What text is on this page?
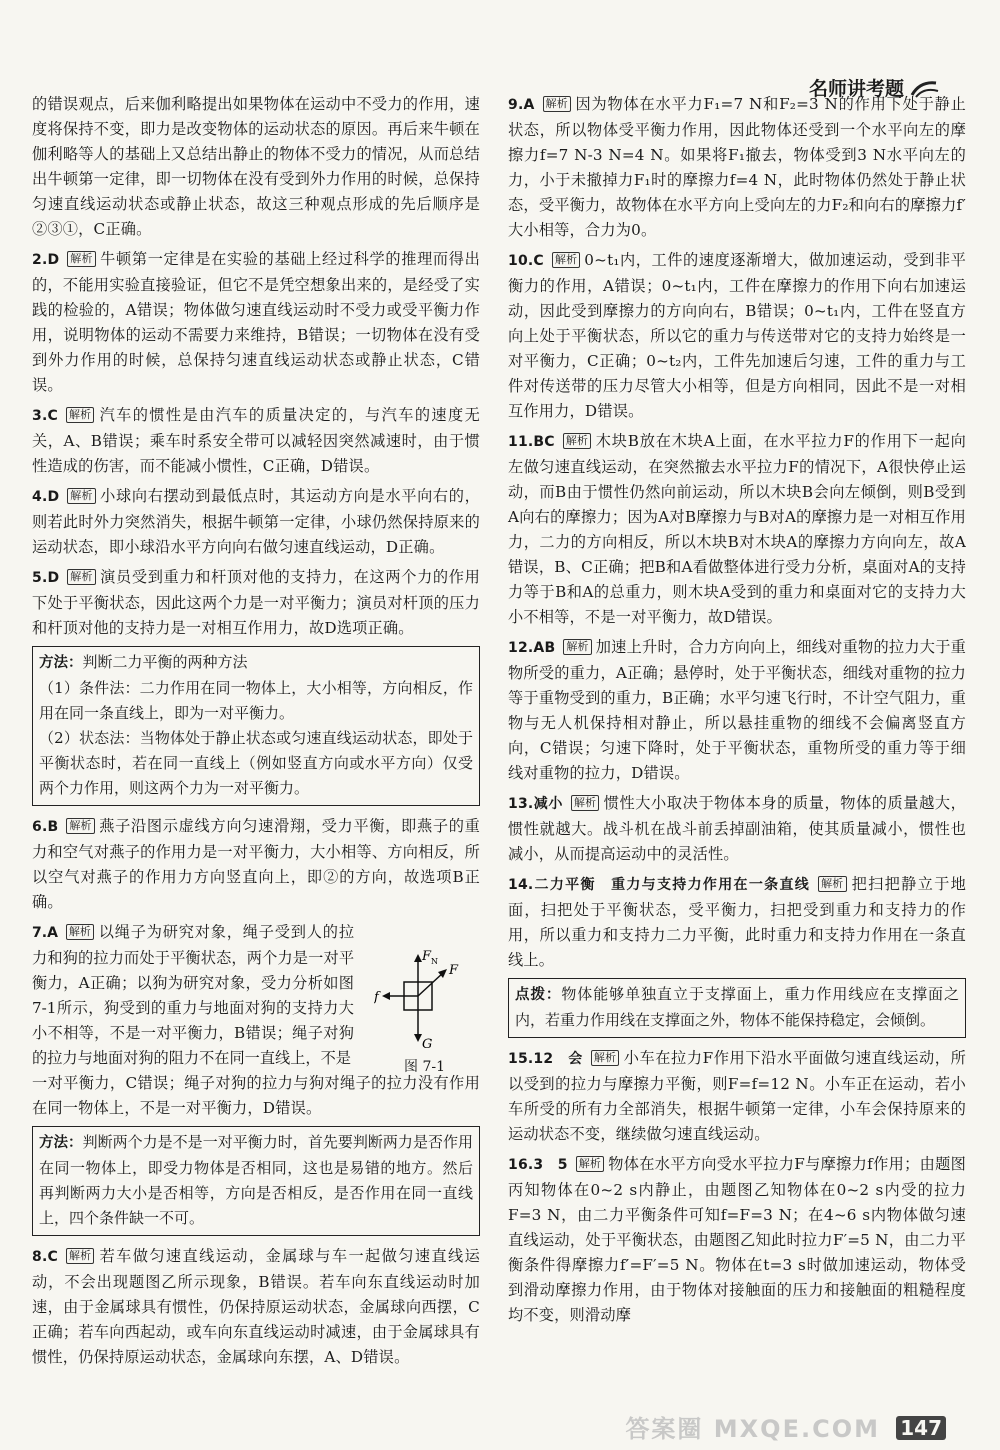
名师讲考题

的错误观点，后来伽利略提出如果物体在运动中不受力的作用，速度将保持不变，即力是改变物体的运动状态的原因。再后来牛顿在伽利略等人的基础上又总结出静止的物体不受力的情况，从而总结出牛顿第一定律，即一切物体在没有受到外力作用的时候，总保持匀速直线运动状态或静止状态，故这三种观点形成的先后顺序是②③①，C正确。

2.D 解析 牛顿第一定律是在实验的基础上经过科学的推理而得出的，不能用实验直接验证，但它不是凭空想象出来的，是经受了实践的检验的，A错误；物体做匀速直线运动时不受力或受平衡力作用，说明物体的运动不需要力来维持，B错误；一切物体在没有受到外力作用的时候，总保持匀速直线运动状态或静止状态，C错误。

3.C 解析 汽车的惯性是由汽车的质量决定的，与汽车的速度无关，A、B错误；乘车时系安全带可以减轻因突然减速时，由于惯性造成的伤害，而不能减小惯性，C正确，D错误。

4.D 解析 小球向右摆动到最低点时，其运动方向是水平向右的，则若此时外力突然消失，根据牛顿第一定律，小球仍然保持原来的运动状态，即小球沿水平方向向右做匀速直线运动，D正确。

5.D 解析 演员受到重力和杆顶对他的支持力，在这两个力的作用下处于平衡状态，因此这两个力是一对平衡力；演员对杆顶的压力和杆顶对他的支持力是一对相互作用力，故D选项正确。

方法：判断二力平衡的两种方法
（1）条件法：二力作用在同一物体上，大小相等，方向相反，作用在同一条直线上，即为一对平衡力。
（2）状态法：当物体处于静止状态或匀速直线运动状态，即处于平衡状态时，若在同一直线上（例如竖直方向或水平方向）仅受两个力作用，则这两个力为一对平衡力。

6.B 解析 燕子沿图示虚线方向匀速滑翔，受力平衡，即燕子的重力和空气对燕子的作用力是一对平衡力，大小相等、方向相反，所以空气对燕子的作用力方向竖直向上，即②的方向，故选项B正确。

7.A 解析 以绳子为研究对象，绳子受到人的拉力和狗的拉力而处于平衡状态，两个力是一对平衡力，A正确；以狗为研究对象，受力分析如图7-1所示，狗受到的重力与地面对狗的支持力大小不相等，不是一对平衡力，B错误；绳子对狗的拉力与地面对狗的阻力不在同一直线上，不是
F N
F
f
G
图 7-1

一对平衡力，C错误；绳子对狗的拉力与狗对绳子的拉力没有作用在同一物体上，不是一对平衡力，D错误。

方法：判断两个力是不是一对平衡力时，首先要判断两力是否作用在同一物体上，即受力物体是否相同，这也是易错的地方。然后再判断两力大小是否相等，方向是否相反，是否作用在同一直线上，四个条件缺一不可。

8.C 解析 若车做匀速直线运动，金属球与车一起做匀速直线运动，不会出现题图乙所示现象，B错误。若车向东直线运动时加速，由于金属球具有惯性，仍保持原运动状态，金属球向西摆，C正确；若车向西起动，或车向东直线运动时减速，由于金属球具有惯性，仍保持原运动状态，金属球向东摆，A、D错误。

9.A 解析 因为物体在水平力F₁=7 N和F₂=3 N的作用下处于静止状态，所以物体受平衡力作用，因此物体还受到一个水平向左的摩擦力f=7 N-3 N=4 N。如果将F₁撤去，物体受到3 N水平向左的力，小于未撤掉力F₁时的摩擦力f=4 N，此时物体仍然处于静止状态，受平衡力，故物体在水平方向上受向左的力F₂和向右的摩擦力f′大小相等，合力为0。

10.C 解析 0~t₁内，工件的速度逐渐增大，做加速运动，受到非平衡力的作用，A错误；0~t₁内，工件在摩擦力的作用下向右加速运动，因此受到摩擦力的方向向右，B错误；0~t₁内，工件在竖直方向上处于平衡状态，所以它的重力与传送带对它的支持力始终是一对平衡力，C正确；0~t₂内，工件先加速后匀速，工件的重力与工件对传送带的压力尽管大小相等，但是方向相同，因此不是一对相互作用力，D错误。

11.BC 解析 木块B放在木块A上面，在水平拉力F的作用下一起向左做匀速直线运动，在突然撤去水平拉力F的情况下，A很快停止运动，而B由于惯性仍然向前运动，所以木块B会向左倾倒，则B受到A向右的摩擦力；因为A对B摩擦力与B对A的摩擦力是一对相互作用力，二力的方向相反，所以木块B对木块A的摩擦力方向向左，故A错误，B、C正确；把B和A看做整体进行受力分析，桌面对A的支持力等于B和A的总重力，则木块A受到的重力和桌面对它的支持力大小不相等，不是一对平衡力，故D错误。

12.AB 解析 加速上升时，合力方向向上，细线对重物的拉力大于重物所受的重力，A正确；悬停时，处于平衡状态，细线对重物的拉力等于重物受到的重力，B正确；水平匀速飞行时，不计空气阻力，重物与无人机保持相对静止，所以悬挂重物的细线不会偏离竖直方向，C错误；匀速下降时，处于平衡状态，重物所受的重力等于细线对重物的拉力，D错误。

13.减小 解析 惯性大小取决于物体本身的质量，物体的质量越大，惯性就越大。战斗机在战斗前丢掉副油箱，使其质量减小，惯性也减小，从而提高运动中的灵活性。

14.二力平衡　重力与支持力作用在一条直线 解析 把扫把静立于地面，扫把处于平衡状态，受平衡力，扫把受到重力和支持力的作用，所以重力和支持力二力平衡，此时重力和支持力作用在一条直线上。

点拨：物体能够单独直立于支撑面上，重力作用线应在支撑面之内，若重力作用线在支撑面之外，物体不能保持稳定，会倾倒。

15.12　会 解析 小车在拉力F作用下沿水平面做匀速直线运动，所以受到的拉力与摩擦力平衡，则F=f=12 N。小车正在运动，若小车所受的所有力全部消失，根据牛顿第一定律，小车会保持原来的运动状态不变，继续做匀速直线运动。

16.3　5 解析 物体在水平方向受水平拉力F与摩擦力f作用；由题图丙知物体在0~2 s内静止，由题图乙知物体在0~2 s内受的拉力F=3 N，由二力平衡条件可知f=F=3 N；在4~6 s内物体做匀速直线运动，处于平衡状态，由题图乙知此时拉力F′=5 N，由二力平衡条件得摩擦力f′=F′=5 N。物体在t=3 s时做加速运动，物体受到滑动摩擦力作用，由于物体对接触面的压力和接触面的粗糙程度均不变，则滑动摩

答案圈 MXQE.COM 147
